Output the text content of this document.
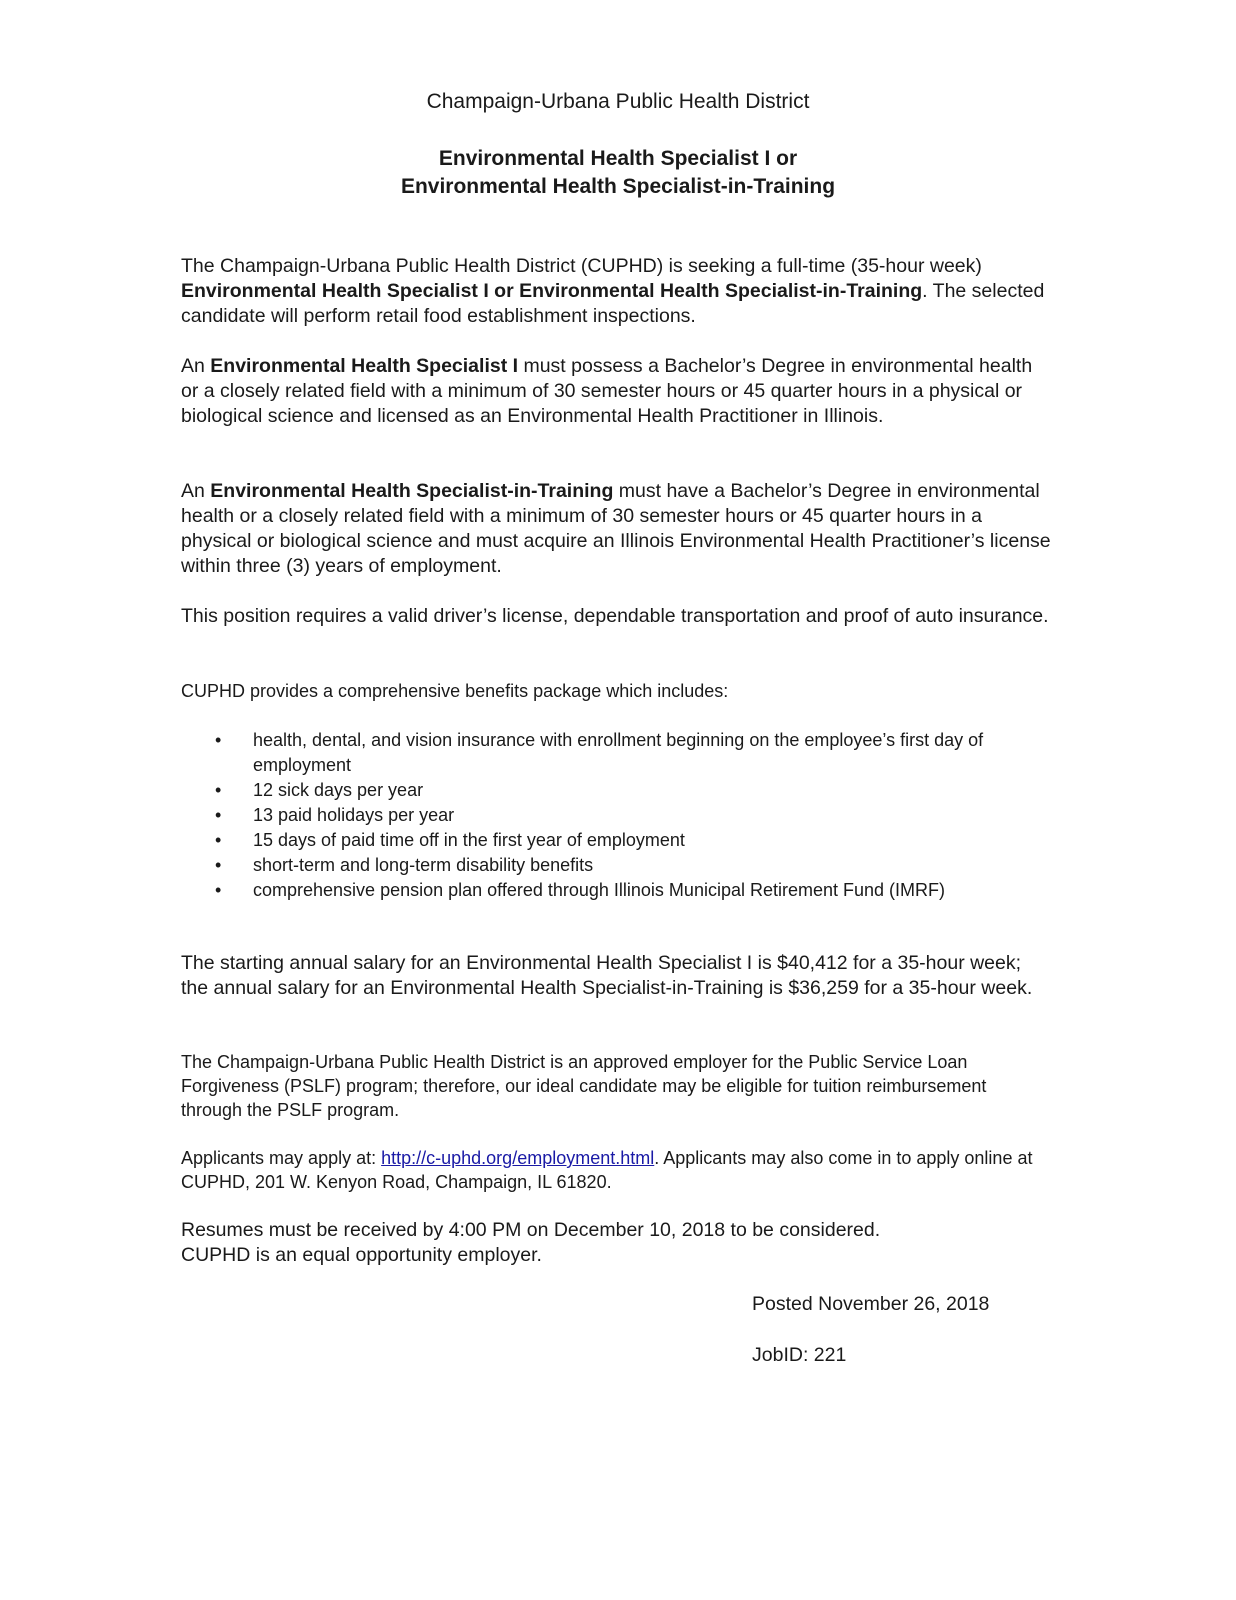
Champaign-Urbana Public Health District
Environmental Health Specialist I or
Environmental Health Specialist-in-Training

The Champaign-Urbana Public Health District (CUPHD) is seeking a full-time (35-hour week) Environmental Health Specialist I or Environmental Health Specialist-in-Training. The selected candidate will perform retail food establishment inspections.

An Environmental Health Specialist I must possess a Bachelor’s Degree in environmental health or a closely related field with a minimum of 30 semester hours or 45 quarter hours in a physical or biological science and licensed as an Environmental Health Practitioner in Illinois.

An Environmental Health Specialist-in-Training must have a Bachelor’s Degree in environmental health or a closely related field with a minimum of 30 semester hours or 45 quarter hours in a physical or biological science and must acquire an Illinois Environmental Health Practitioner’s license within three (3) years of employment.

This position requires a valid driver’s license, dependable transportation and proof of auto insurance.

CUPHD provides a comprehensive benefits package which includes:

• health, dental, and vision insurance with enrollment beginning on the employee’s first day of employment
• 12 sick days per year
• 13 paid holidays per year
• 15 days of paid time off in the first year of employment
• short-term and long-term disability benefits
• comprehensive pension plan offered through Illinois Municipal Retirement Fund (IMRF)

The starting annual salary for an Environmental Health Specialist I is $40,412 for a 35-hour week; the annual salary for an Environmental Health Specialist-in-Training is $36,259 for a 35-hour week.

The Champaign-Urbana Public Health District is an approved employer for the Public Service Loan Forgiveness (PSLF) program; therefore, our ideal candidate may be eligible for tuition reimbursement through the PSLF program.

Applicants may apply at: http://c-uphd.org/employment.html. Applicants may also come in to apply online at CUPHD, 201 W. Kenyon Road, Champaign, IL 61820.

Resumes must be received by 4:00 PM on December 10, 2018 to be considered.
CUPHD is an equal opportunity employer.

Posted November 26, 2018
JobID: 221
